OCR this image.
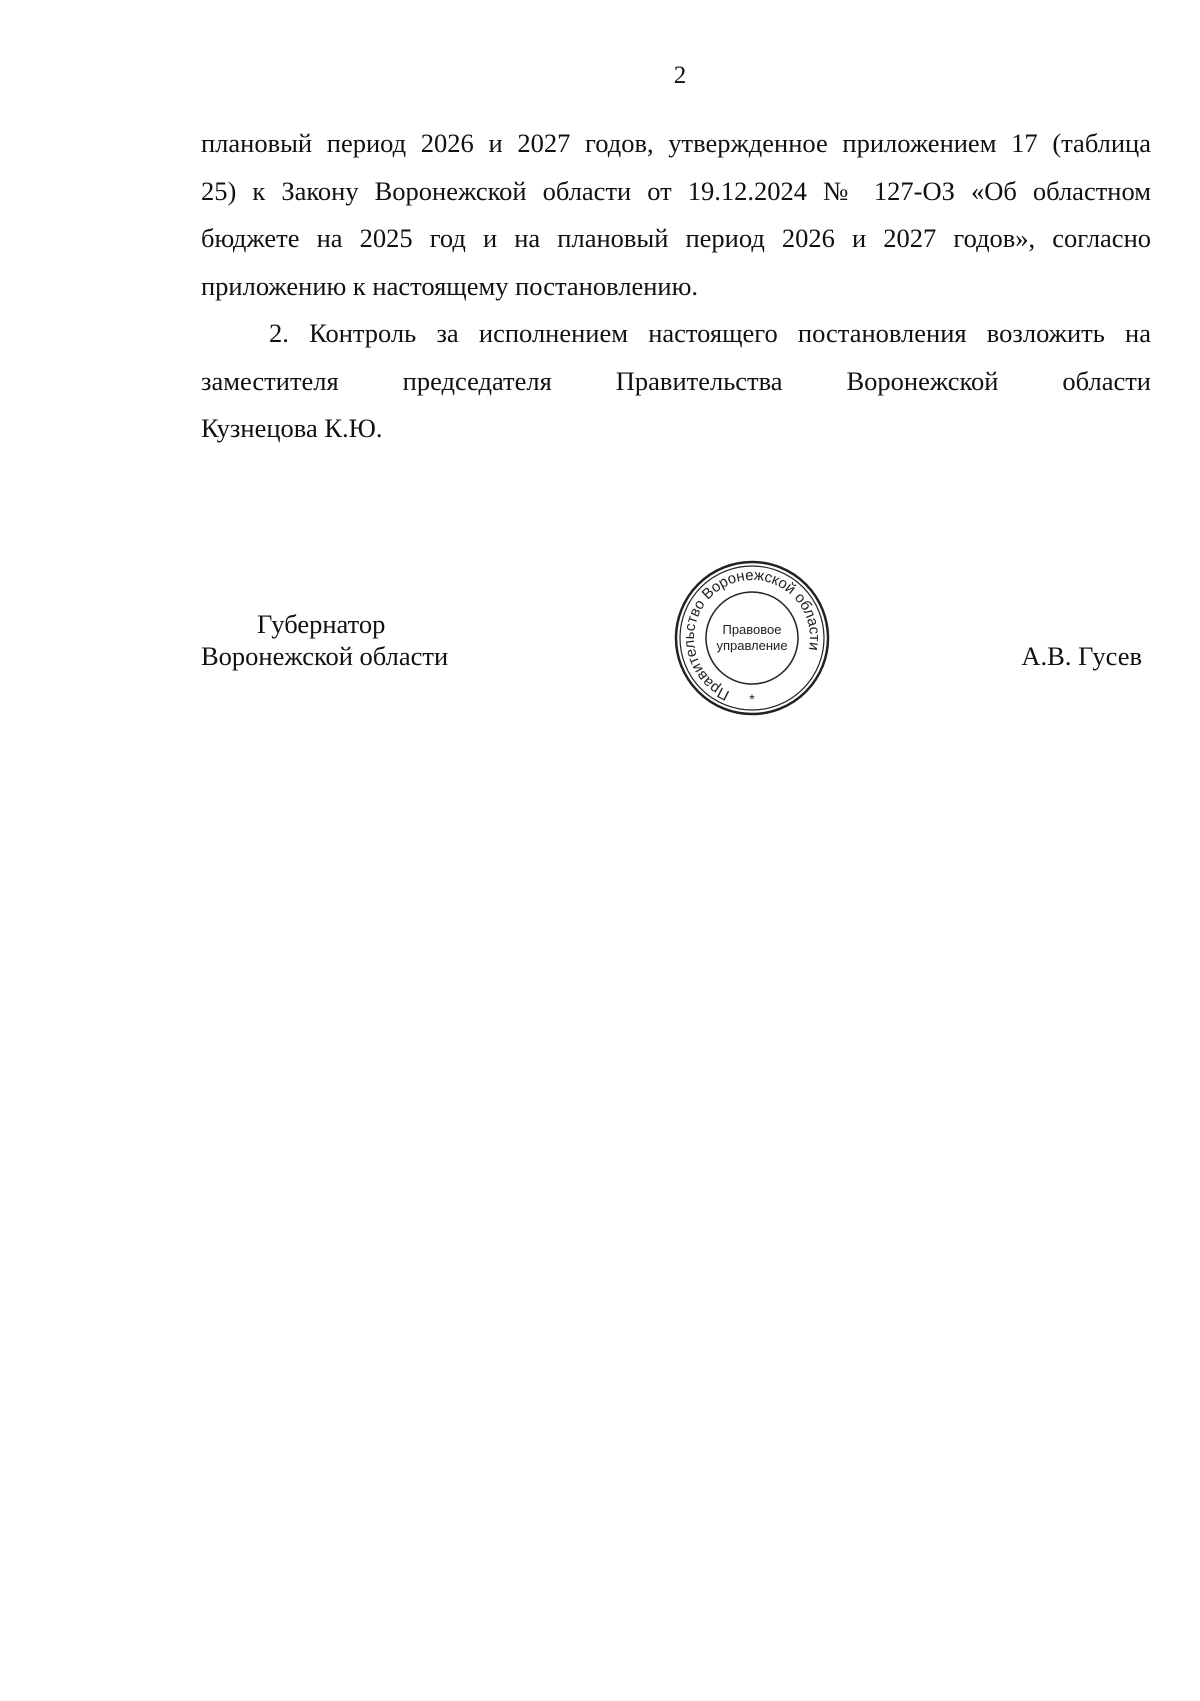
2
плановый период 2026 и 2027 годов, утвержденное приложением 17 (таблица
25) к Закону Воронежской области от 19.12.2024 № 127-ОЗ «Об областном
бюджете на 2025 год и на плановый период 2026 и 2027 годов», согласно
приложению к настоящему постановлению.
2. Контроль за исполнением настоящего постановления возложить на
заместителя председателя Правительства Воронежской области
Кузнецова К.Ю.
Губернатор
Воронежской области
Правительство Воронежской области
Правовое
управление
*
А.В. Гусев
